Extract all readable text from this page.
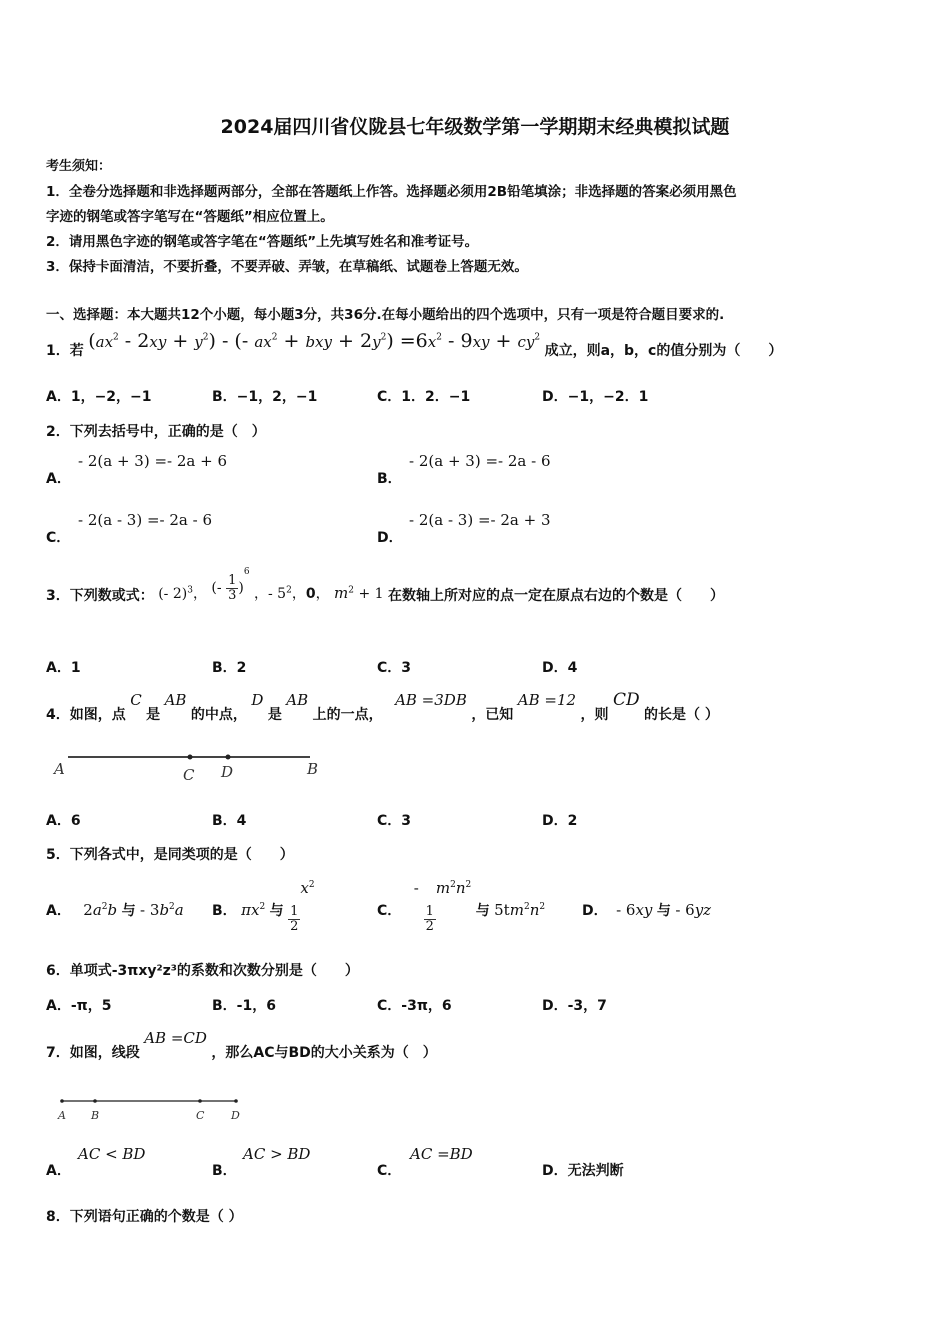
2024届四川省仪陇县七年级数学第一学期期末经典模拟试题
考生须知：
1．全卷分选择题和非选择题两部分，全部在答题纸上作答。选择题必须用2B铅笔填涂；非选择题的答案必须用黑色
字迹的钢笔或答字笔写在“答题纸”相应位置上。
2．请用黑色字迹的钢笔或答字笔在“答题纸”上先填写姓名和准考证号。
3．保持卡面清洁，不要折叠，不要弄破、弄皱，在草稿纸、试题卷上答题无效。
一、选择题：本大题共12个小题，每小题3分，共36分.在每小题给出的四个选项中，只有一项是符合题目要求的.
1．若 $(ax^2 - 2xy + y^2)$ - (- $ax^2$ + bxy + $2y^2) =6x^2 - 9xy + cy^2$ 成立，则a，b，c的值分别为（　　）
A．1，−2，−1	B．−1，2，−1	C．1．2．−1	D．−1，−2．1
2．下列去括号中，正确的是（　）
A．
- 2(a + 3) =- 2a + 6
B．
- 2(a + 3) =- 2a - 6
C．
- 2(a - 3) =- 2a - 6
D．
- 2(a - 3) =- 2a + 3
3．下列数或式： (- 2)$^3$， (- $\frac{1}{3} )^6$ ，- $5^2$，0， $m^2 + 1$ 在数轴上所对应的点一定在原点右边的个数是（　　）
A．1	B．2	C．3	D．4
4．如图，点 C 是 AB 的中点， D 是 AB 上的一点， AB =3DB ，已知 AB =12 ，则 CD 的长是（ ）
A	C D	B
A．6	B．4	C．3	D．2
5．下列各式中，是同类项的是（　　）
A． $2a^2b$ 与 - $3b^2a$ B． $\pi x^2$ 与 $\frac{1}{2}$
$x^2$
C． -
$\frac{1}{2}$
$m^2n^2$ 与 $5tm^2n^2$	D． - 6xy 与 - 6yz
6．单项式-3πxy²z³的系数和次数分别是（　　）
A．-π，5	B．-1，6	C．-3π，6	D．-3，7
7．如图，线段 AB =CD ，那么AC与BD的大小关系为（　）
A B	C D
A．
AC < BD
B．
AC > BD
C．
AC =BD
D．无法判断
8．下列语句正确的个数是（ ）
